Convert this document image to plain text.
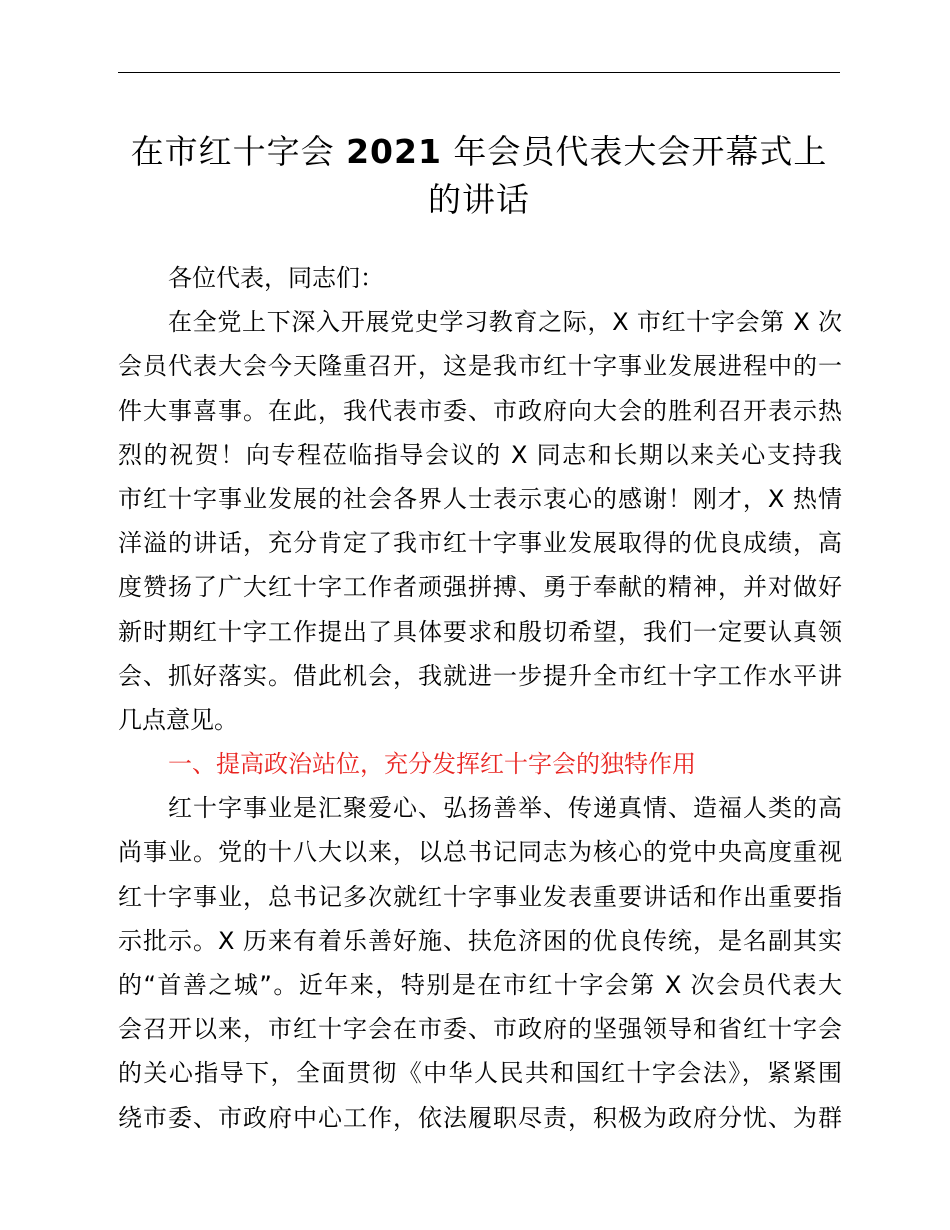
在市红十字会 2021 年会员代表大会开幕式上
的讲话
各位代表，同志们：
在全党上下深入开展党史学习教育之际，X 市红十字会第 X 次
会员代表大会今天隆重召开，这是我市红十字事业发展进程中的一
件大事喜事。在此，我代表市委、市政府向大会的胜利召开表示热
烈的祝贺！向专程莅临指导会议的 X 同志和长期以来关心支持我
市红十字事业发展的社会各界人士表示衷心的感谢！刚才，X 热情
洋溢的讲话，充分肯定了我市红十字事业发展取得的优良成绩，高
度赞扬了广大红十字工作者顽强拼搏、勇于奉献的精神，并对做好
新时期红十字工作提出了具体要求和殷切希望，我们一定要认真领
会、抓好落实。借此机会，我就进一步提升全市红十字工作水平讲
几点意见。
一、提高政治站位，充分发挥红十字会的独特作用
红十字事业是汇聚爱心、弘扬善举、传递真情、造福人类的高
尚事业。党的十八大以来，以总书记同志为核心的党中央高度重视
红十字事业，总书记多次就红十字事业发表重要讲话和作出重要指
示批示。X 历来有着乐善好施、扶危济困的优良传统，是名副其实
的“首善之城”。近年来，特别是在市红十字会第 X 次会员代表大
会召开以来，市红十字会在市委、市政府的坚强领导和省红十字会
的关心指导下，全面贯彻《中华人民共和国红十字会法》，紧紧围
绕市委、市政府中心工作，依法履职尽责，积极为政府分忧、为群
